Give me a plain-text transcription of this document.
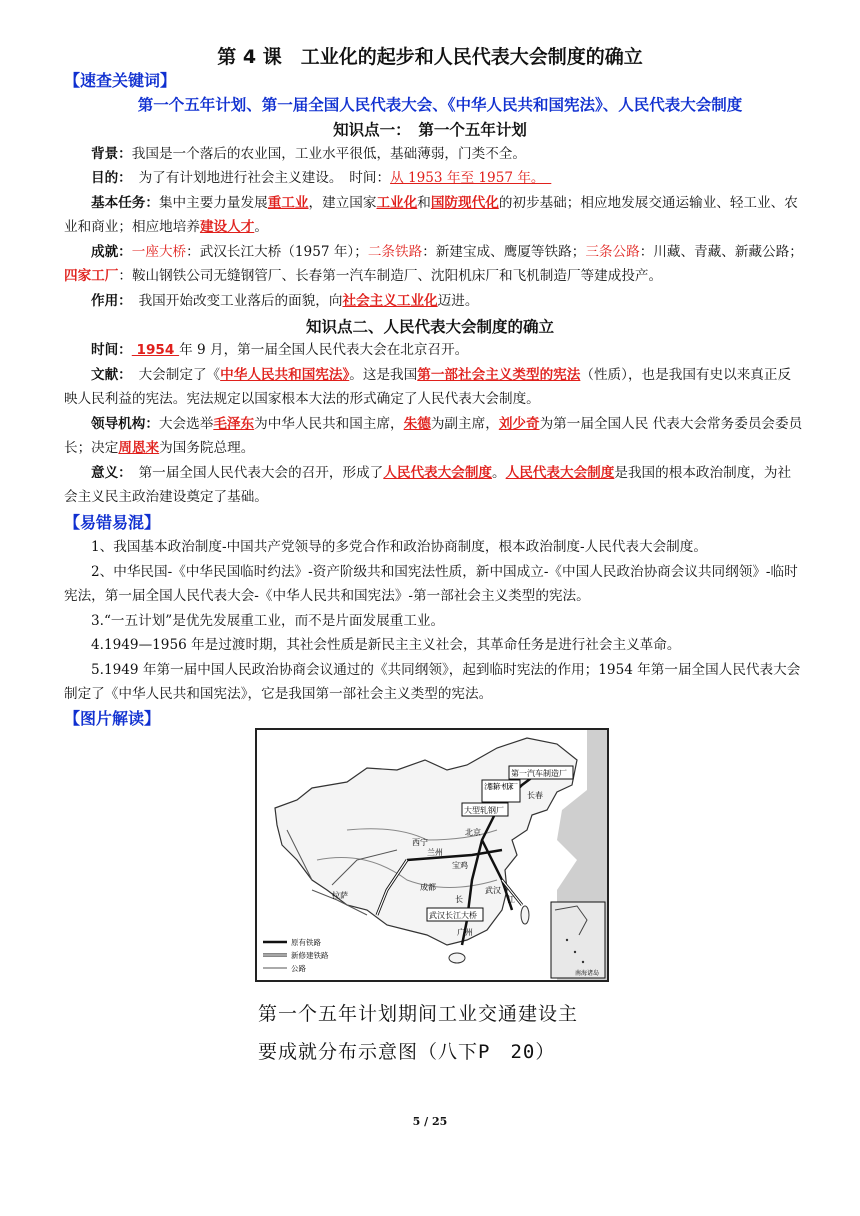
第 4 课　工业化的起步和人民代表大会制度的确立
【速查关键词】
第一个五年计划、第一届全国人民代表大会、《中华人民共和国宪法》、人民代表大会制度
知识点一：　第一个五年计划
背景：我国是一个落后的农业国，工业水平很低，基础薄弱，门类不全。
目的：　为了有计划地进行社会主义建设。　时间：从 1953 年至 1957 年。　
基本任务：集中主要力量发展重工业，建立国家工业化和国防现代化的初步基础；相应地发展交通运输业、轻工业、农业和商业；相应地培养建设人才。
成就：一座大桥：武汉长江大桥（1957 年）；二条铁路：新建宝成、鹰厦等铁路；三条公路：川藏、青藏、新藏公路；四家工厂：鞍山钢铁公司无缝钢管厂、长春第一汽车制造厂、沈阳机床厂和飞机制造厂等建成投产。
作用：　我国开始改变工业落后的面貌，向社会主义工业化迈进。
知识点二、人民代表大会制度的确立
时间： 1954 年 9 月，第一届全国人民代表大会在北京召开。
文献：　大会制定了《中华人民共和国宪法》。这是我国第一部社会主义类型的宪法（性质），也是我国有史以来真正反映人民利益的宪法。宪法规定以国家根本大法的形式确定了人民代表大会制度。
领导机构：大会选举毛泽东为中华人民共和国主席，朱德为副主席，刘少奇为第一届全国人民 代表大会常务委员会委员长；决定周恩来为国务院总理。
意义：　第一届全国人民代表大会的召开，形成了人民代表大会制度。人民代表大会制度是我国的根本政治制度，为社会主义民主政治建设奠定了基础。
【易错易混】
1、我国基本政治制度-中国共产党领导的多党合作和政治协商制度，根本政治制度-人民代表大会制度。
2、中华民国-《中华民国临时约法》-资产阶级共和国宪法性质，新中国成立-《中国人民政治协商会议共同纲领》-临时宪法，第一届全国人民代表大会-《中华人民共和国宪法》-第一部社会主义类型的宪法。
3.“一五计划”是优先发展重工业，而不是片面发展重工业。
4.1949—1956 年是过渡时期，其社会性质是新民主主义社会，其革命任务是进行社会主义革命。
5.1949 年第一届中国人民政治协商会议通过的《共同纲领》，起到临时宪法的作用；1954 年第一届全国人民代表大会制定了《中华人民共和国宪法》，它是我国第一部社会主义类型的宪法。
【图片解读】
第一汽车制造厂
沈阳第一机床厂
长春
大型轧钢厂
北京
西宁
兰州
宝鸡
成都
拉萨
武汉
长	江
武汉长江大桥
广州
原有铁路
新修建铁路
公路
南海诸岛
第一个五年计划期间工业交通建设主
要成就分布示意图（八下P　20）
5 / 25
